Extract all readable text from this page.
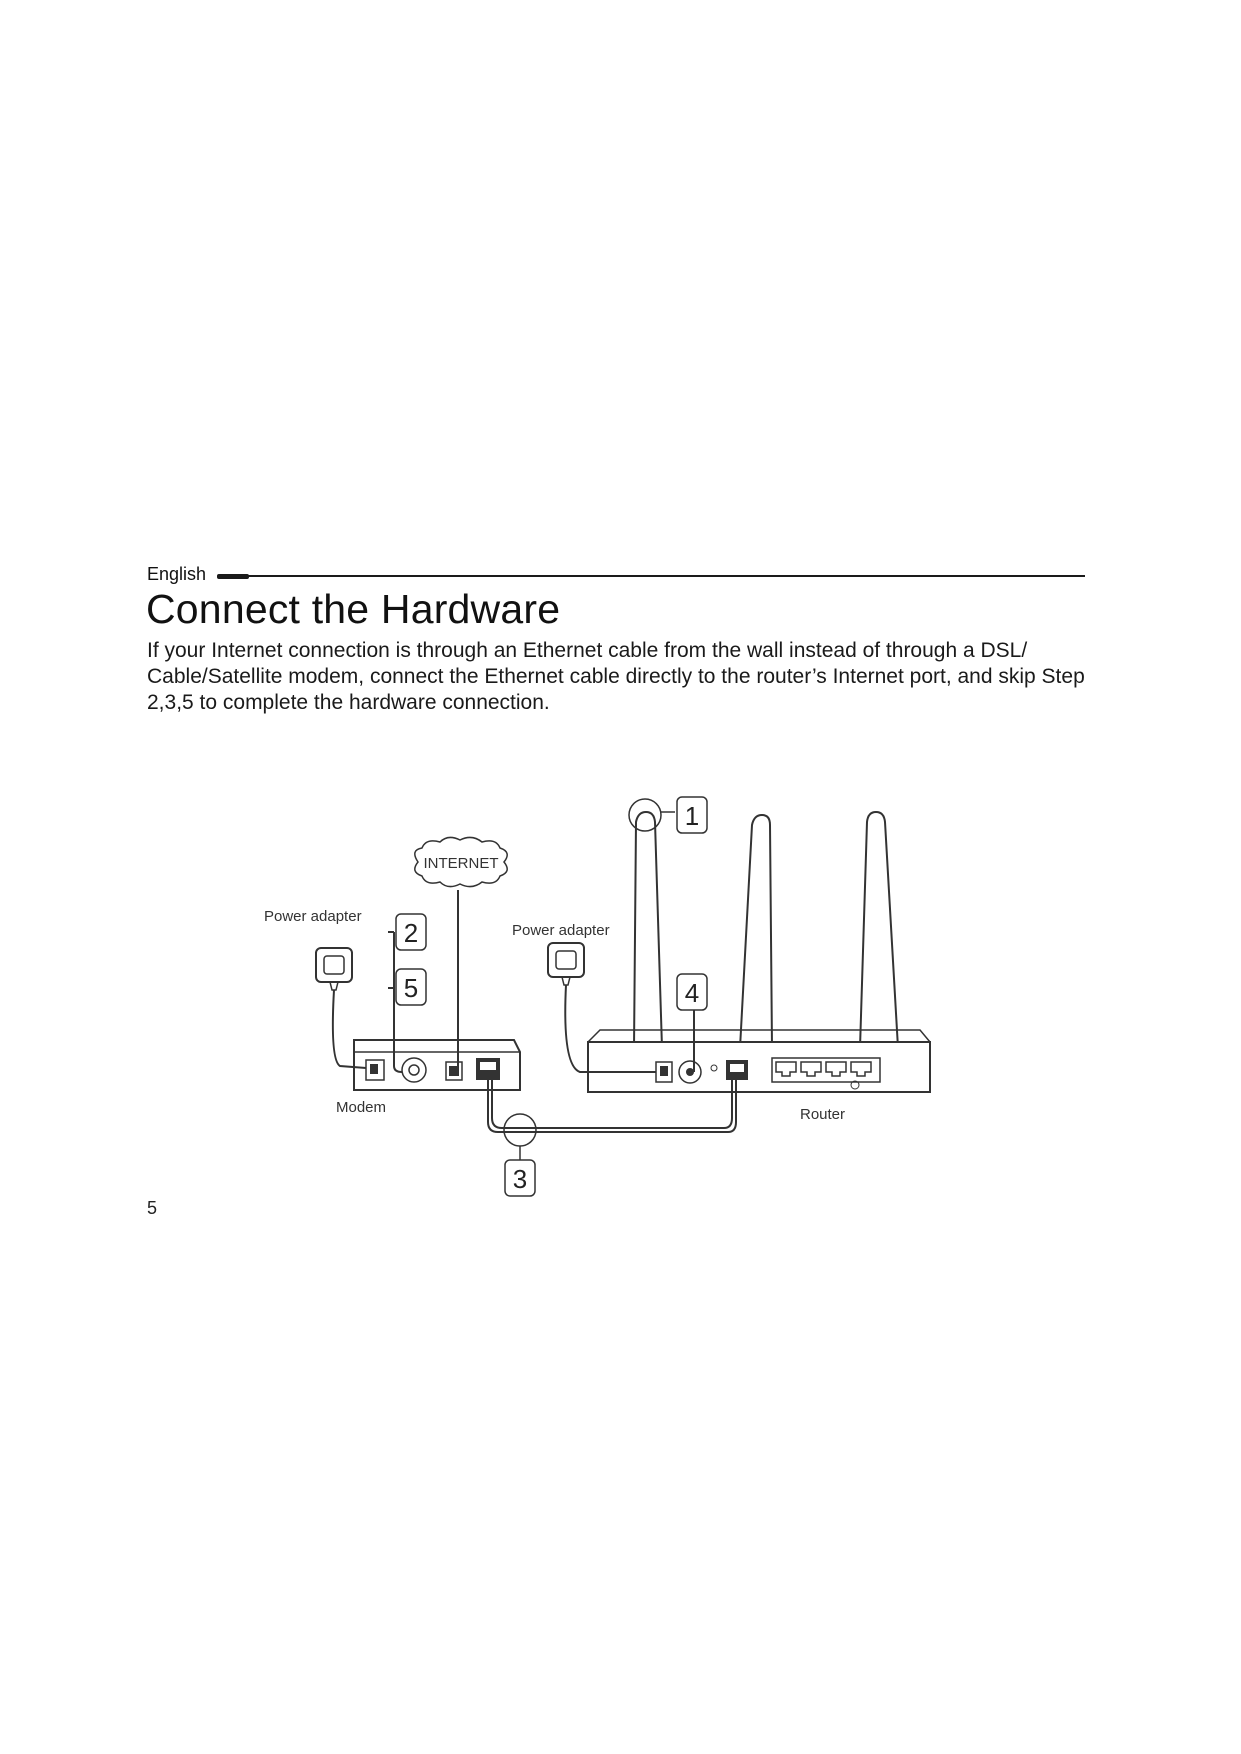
English
Connect the Hardware

If your Internet connection is through an Ethernet cable from the wall instead of through a DSL/ Cable/Satellite modem, connect the Ethernet cable directly to the router’s Internet port, and skip Step 2,3,5 to complete the hardware connection.

INTERNET
1
2
5	4
3
Power adapter
Power adapter
Modem	Router
5
